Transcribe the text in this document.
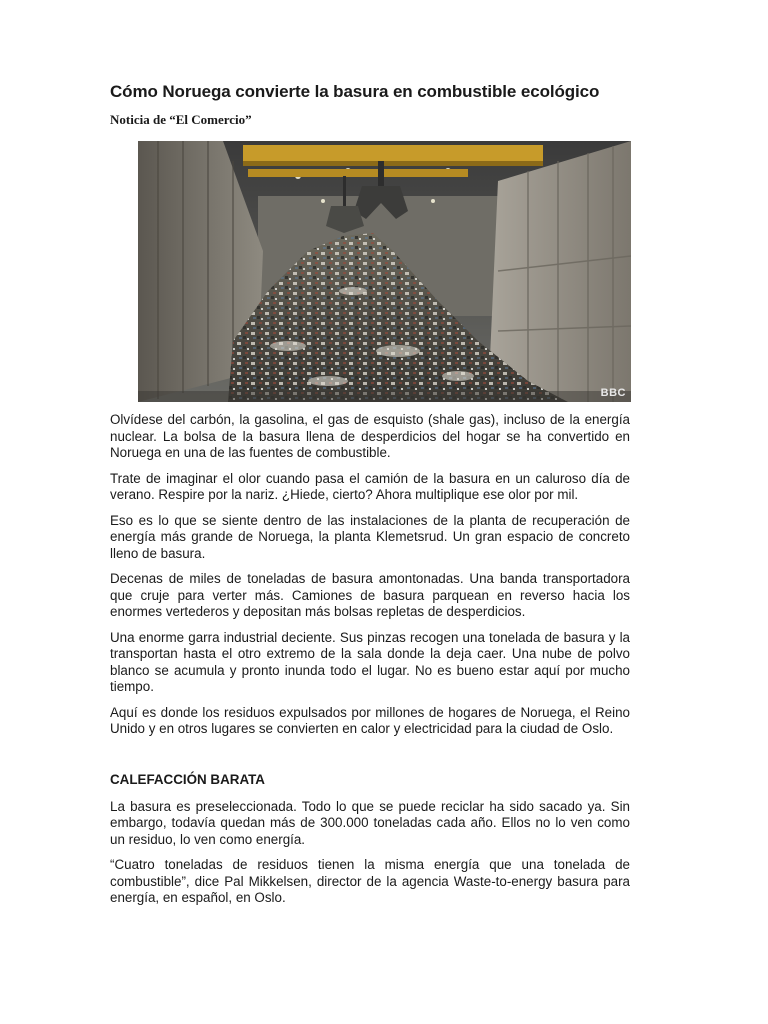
Cómo Noruega convierte la basura en combustible ecológico
Noticia de “El Comercio”
BBC

Olvídese del carbón, la gasolina, el gas de esquisto (shale gas), incluso de la energía nuclear. La bolsa de la basura llena de desperdicios del hogar se ha convertido en Noruega en una de las fuentes de combustible.

Trate de imaginar el olor cuando pasa el camión de la basura en un caluroso día de verano. Respire por la nariz. ¿Hiede, cierto? Ahora multiplique ese olor por mil.

Eso es lo que se siente dentro de las instalaciones de la planta de recuperación de energía más grande de Noruega, la planta Klemetsrud. Un gran espacio de concreto lleno de basura.

Decenas de miles de toneladas de basura amontonadas. Una banda transportadora que cruje para verter más. Camiones de basura parquean en reverso hacia los enormes vertederos y depositan más bolsas repletas de desperdicios.

Una enorme garra industrial deciente. Sus pinzas recogen una tonelada de basura y la transportan hasta el otro extremo de la sala donde la deja caer. Una nube de polvo blanco se acumula y pronto inunda todo el lugar. No es bueno estar aquí por mucho tiempo.

Aquí es donde los residuos expulsados por millones de hogares de Noruega, el Reino Unido y en otros lugares se convierten en calor y electricidad para la ciudad de Oslo.

CALEFACCIÓN BARATA

La basura es preseleccionada. Todo lo que se puede reciclar ha sido sacado ya. Sin embargo, todavía quedan más de 300.000 toneladas cada año. Ellos no lo ven como un residuo, lo ven como energía.

“Cuatro toneladas de residuos tienen la misma energía que una tonelada de combustible”, dice Pal Mikkelsen, director de la agencia Waste-to-energy basura para energía, en español, en Oslo.
